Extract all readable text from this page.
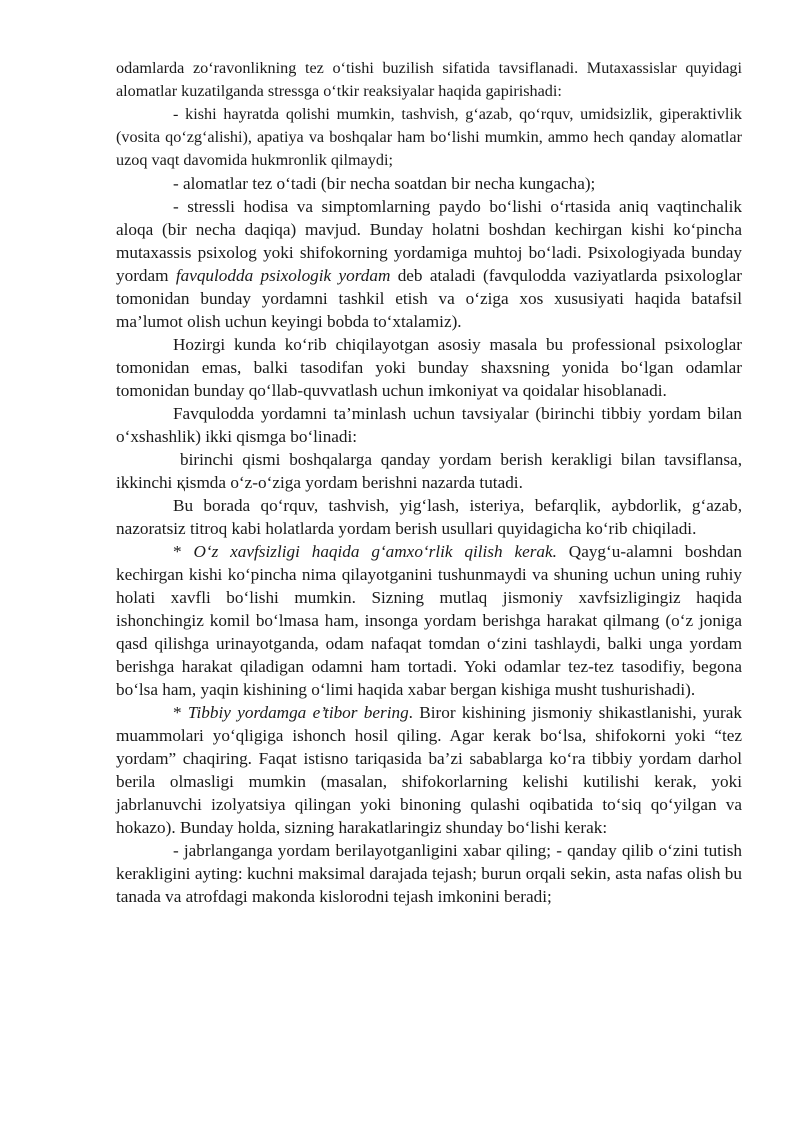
odamlarda zo‘ravonlikning tez o‘tishi buzilish sifatida tavsiflanadi. Mutaxassislar quyidagi alomatlar kuzatilganda stressga o‘tkir reaksiyalar haqida gapirishadi:

- kishi hayratda qolishi mumkin, tashvish, g‘azab, qo‘rquv, umidsizlik, giperaktivlik (vosita qo‘zg‘alishi), apatiya va boshqalar ham bo‘lishi mumkin, ammo hech qanday alomatlar uzoq vaqt davomida hukmronlik qilmaydi;

- alomatlar tez o‘tadi (bir necha soatdan bir necha kungacha);

- stressli hodisa va simptomlarning paydo bo‘lishi o‘rtasida aniq vaqtinchalik aloqa (bir necha daqiqa) mavjud. Bunday holatni boshdan kechirgan kishi ko‘pincha mutaxassis psixolog yoki shifokorning yordamiga muhtoj bo‘ladi. Psixologiyada bunday yordam favqulodda psixologik yordam deb ataladi (favqulodda vaziyatlarda psixologlar tomonidan bunday yordamni tashkil etish va o‘ziga xos xususiyati haqida batafsil ma’lumot olish uchun keyingi bobda to‘xtalamiz).

Hozirgi kunda ko‘rib chiqilayotgan asosiy masala bu professional psixologlar tomonidan emas, balki tasodifan yoki bunday shaxsning yonida bo‘lgan odamlar tomonidan bunday qo‘llab-quvvatlash uchun imkoniyat va qoidalar hisoblanadi.

Favqulodda yordamni ta’minlash uchun tavsiyalar (birinchi tibbiy yordam bilan o‘xshashlik) ikki qismga bo‘linadi:

birinchi qismi boshqalarga qanday yordam berish kerakligi bilan tavsiflansa, ikkinchi қismda o‘z-o‘ziga yordam berishni nazarda tutadi.

Bu borada qo‘rquv, tashvish, yig‘lash, isteriya, befarqlik, aybdorlik, g‘azab, nazoratsiz titroq kabi holatlarda yordam berish usullari quyidagicha ko‘rib chiqiladi.

* O‘z xavfsizligi haqida g‘amxo‘rlik qilish kerak. Qayg‘u-alamni boshdan kechirgan kishi ko‘pincha nima qilayotganini tushunmaydi va shuning uchun uning ruhiy holati xavfli bo‘lishi mumkin. Sizning mutlaq jismoniy xavfsizligingiz haqida ishonchingiz komil bo‘lmasa ham, insonga yordam berishga harakat qilmang (o‘z joniga qasd qilishga urinayotganda, odam nafaqat tomdan o‘zini tashlaydi, balki unga yordam berishga harakat qiladigan odamni ham tortadi. Yoki odamlar tez-tez tasodifiy, begona bo‘lsa ham, yaqin kishining o‘limi haqida xabar bergan kishiga musht tushurishadi).

* Tibbiy yordamga e’tibor bering. Biror kishining jismoniy shikastlanishi, yurak muammolari yo‘qligiga ishonch hosil qiling. Agar kerak bo‘lsa, shifokorni yoki “tez yordam” chaqiring. Faqat istisno tariqasida ba’zi sabablarga ko‘ra tibbiy yordam darhol berila olmasligi mumkin (masalan, shifokorlarning kelishi kutilishi kerak, yoki jabrlanuvchi izolyatsiya qilingan yoki binoning qulashi oqibatida to‘siq qo‘yilgan va hokazo). Bunday holda, sizning harakatlaringiz shunday bo‘lishi kerak:

- jabrlanganga yordam berilayotganligini xabar qiling; - qanday qilib o‘zini tutish kerakligini ayting: kuchni maksimal darajada tejash; burun orqali sekin, asta nafas olish bu tanada va atrofdagi makonda kislorodni tejash imkonini beradi;
